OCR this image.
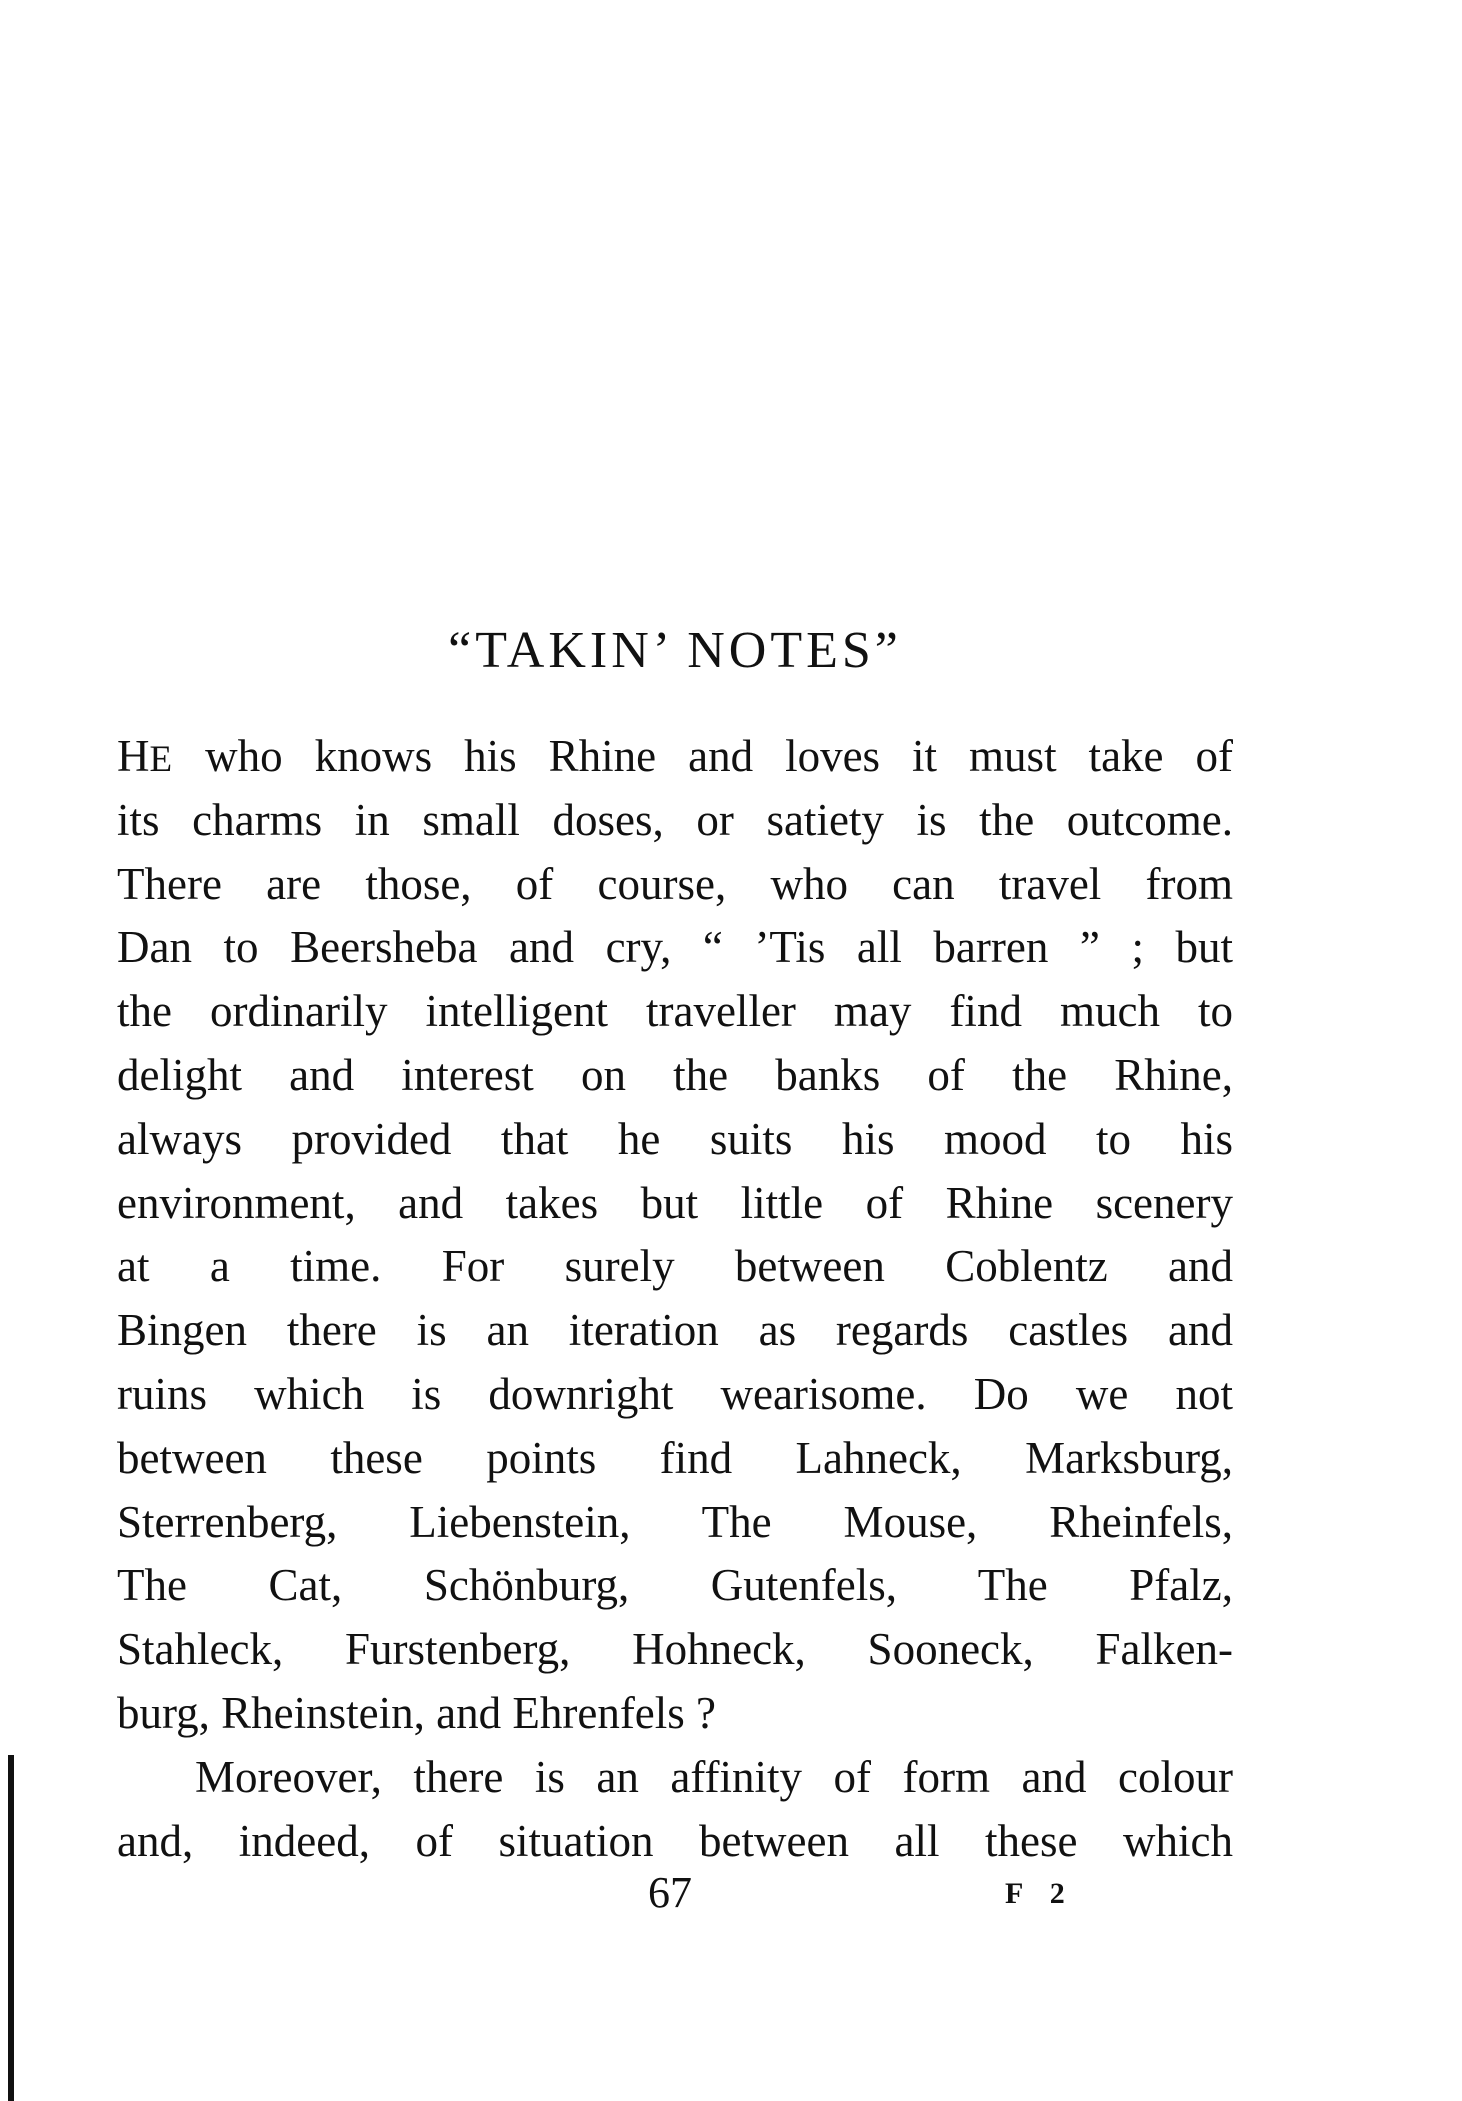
“TAKIN’ NOTES”
HE who knows his Rhine and loves it must take of
its charms in small doses, or satiety is the outcome.
There are those, of course, who can travel from
Dan to Beersheba and cry, “ ’Tis all barren ” ; but
the ordinarily intelligent traveller may find much to
delight and interest on the banks of the Rhine,
always provided that he suits his mood to his
environment, and takes but little of Rhine scenery
at a time. For surely between Coblentz and
Bingen there is an iteration as regards castles and
ruins which is downright wearisome. Do we not
between these points find Lahneck, Marksburg,
Sterrenberg, Liebenstein, The Mouse, Rheinfels,
The Cat, Schönburg, Gutenfels, The Pfalz,
Stahleck, Furstenberg, Hohneck, Sooneck, Falken-
burg, Rheinstein, and Ehrenfels ?
Moreover, there is an affinity of form and colour
and, indeed, of situation between all these which
67	F 2
